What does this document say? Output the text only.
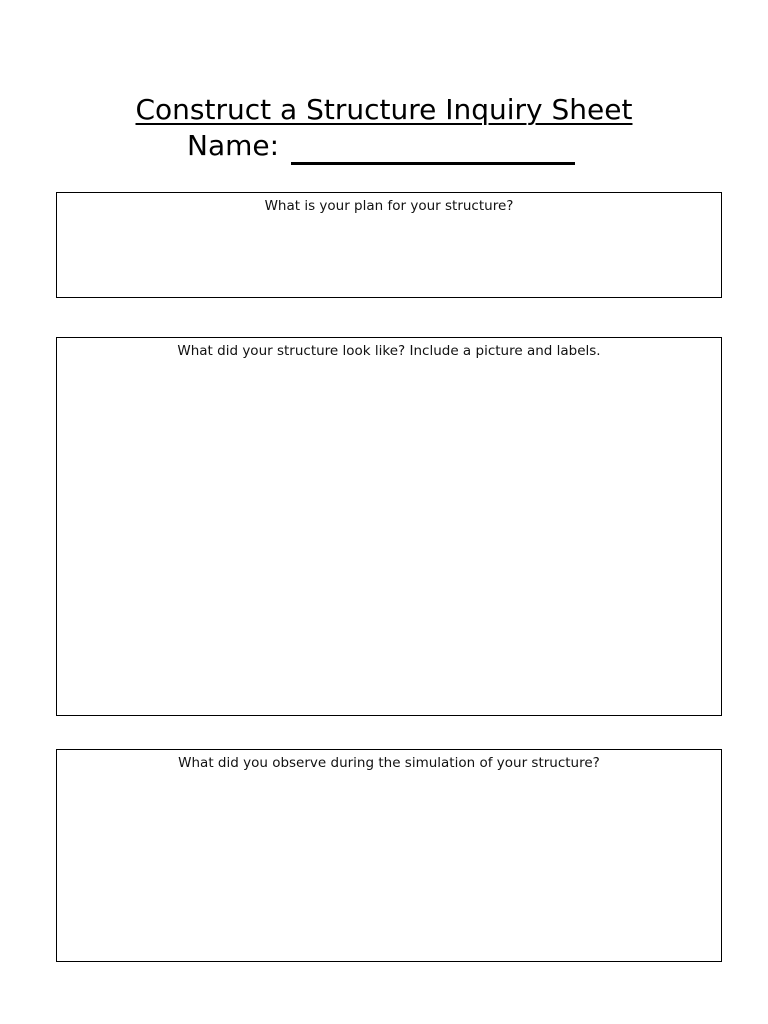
Construct a Structure Inquiry Sheet
Name:
What is your plan for your structure?
What did your structure look like? Include a picture and labels.
What did you observe during the simulation of your structure?
